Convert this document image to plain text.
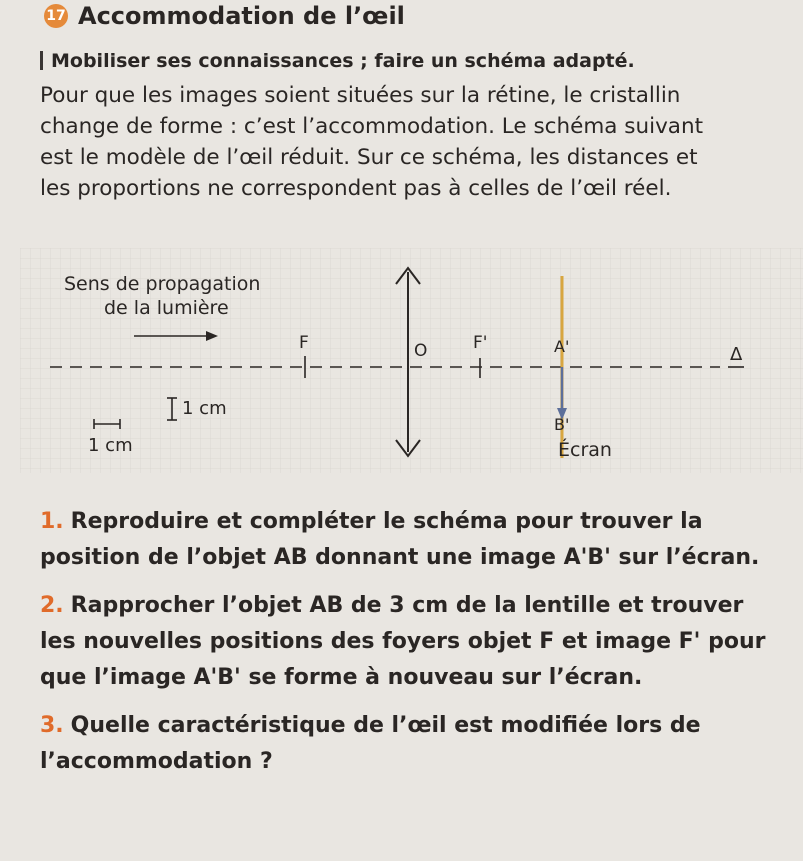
17 Accommodation de l’œil
Mobiliser ses connaissances ; faire un schéma adapté.

Pour que les images soient situées sur la rétine, le cristallin

change de forme : c’est l’accommodation. Le schéma suivant

est le modèle de l’œil réduit. Sur ce schéma, les distances et

les proportions ne correspondent pas à celles de l’œil réel.

Δ
Sens de propagation
de la lumière
F	O	F'
Écran
A'
B'
1 cm
1 cm

1. Reproduire et compléter le schéma pour trouver la position de l’objet AB donnant une image A'B' sur l’écran.

2. Rapprocher l’objet AB de 3 cm de la lentille et trouver les nouvelles positions des foyers objet F et image F' pour que l’image A'B' se forme à nouveau sur l’écran.

3. Quelle caractéristique de l’œil est modifiée lors de l’accommodation ?
